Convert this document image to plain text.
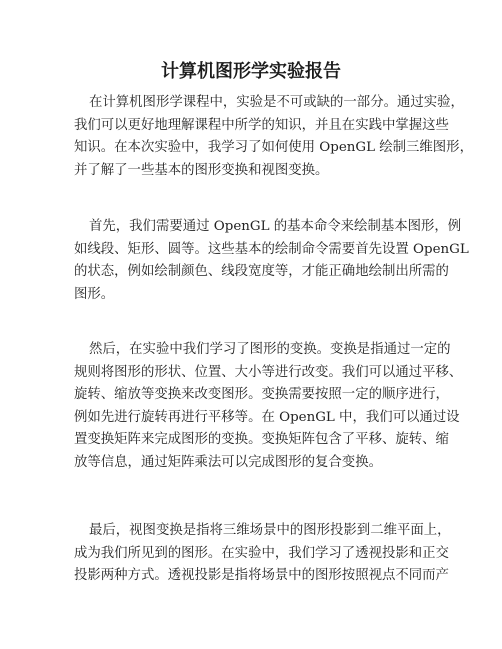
计算机图形学实验报告
在计算机图形学课程中，实验是不可或缺的一部分。通过实验，
我们可以更好地理解课程中所学的知识，并且在实践中掌握这些
知识。在本次实验中，我学习了如何使用 OpenGL 绘制三维图形，
并了解了一些基本的图形变换和视图变换。
首先，我们需要通过 OpenGL 的基本命令来绘制基本图形，例
如线段、矩形、圆等。这些基本的绘制命令需要首先设置 OpenGL
的状态，例如绘制颜色、线段宽度等，才能正确地绘制出所需的
图形。
然后，在实验中我们学习了图形的变换。变换是指通过一定的
规则将图形的形状、位置、大小等进行改变。我们可以通过平移、
旋转、缩放等变换来改变图形。变换需要按照一定的顺序进行，
例如先进行旋转再进行平移等。在 OpenGL 中，我们可以通过设
置变换矩阵来完成图形的变换。变换矩阵包含了平移、旋转、缩
放等信息，通过矩阵乘法可以完成图形的复合变换。
最后，视图变换是指将三维场景中的图形投影到二维平面上，
成为我们所见到的图形。在实验中，我们学习了透视投影和正交
投影两种方式。透视投影是指将场景中的图形按照视点不同而产
